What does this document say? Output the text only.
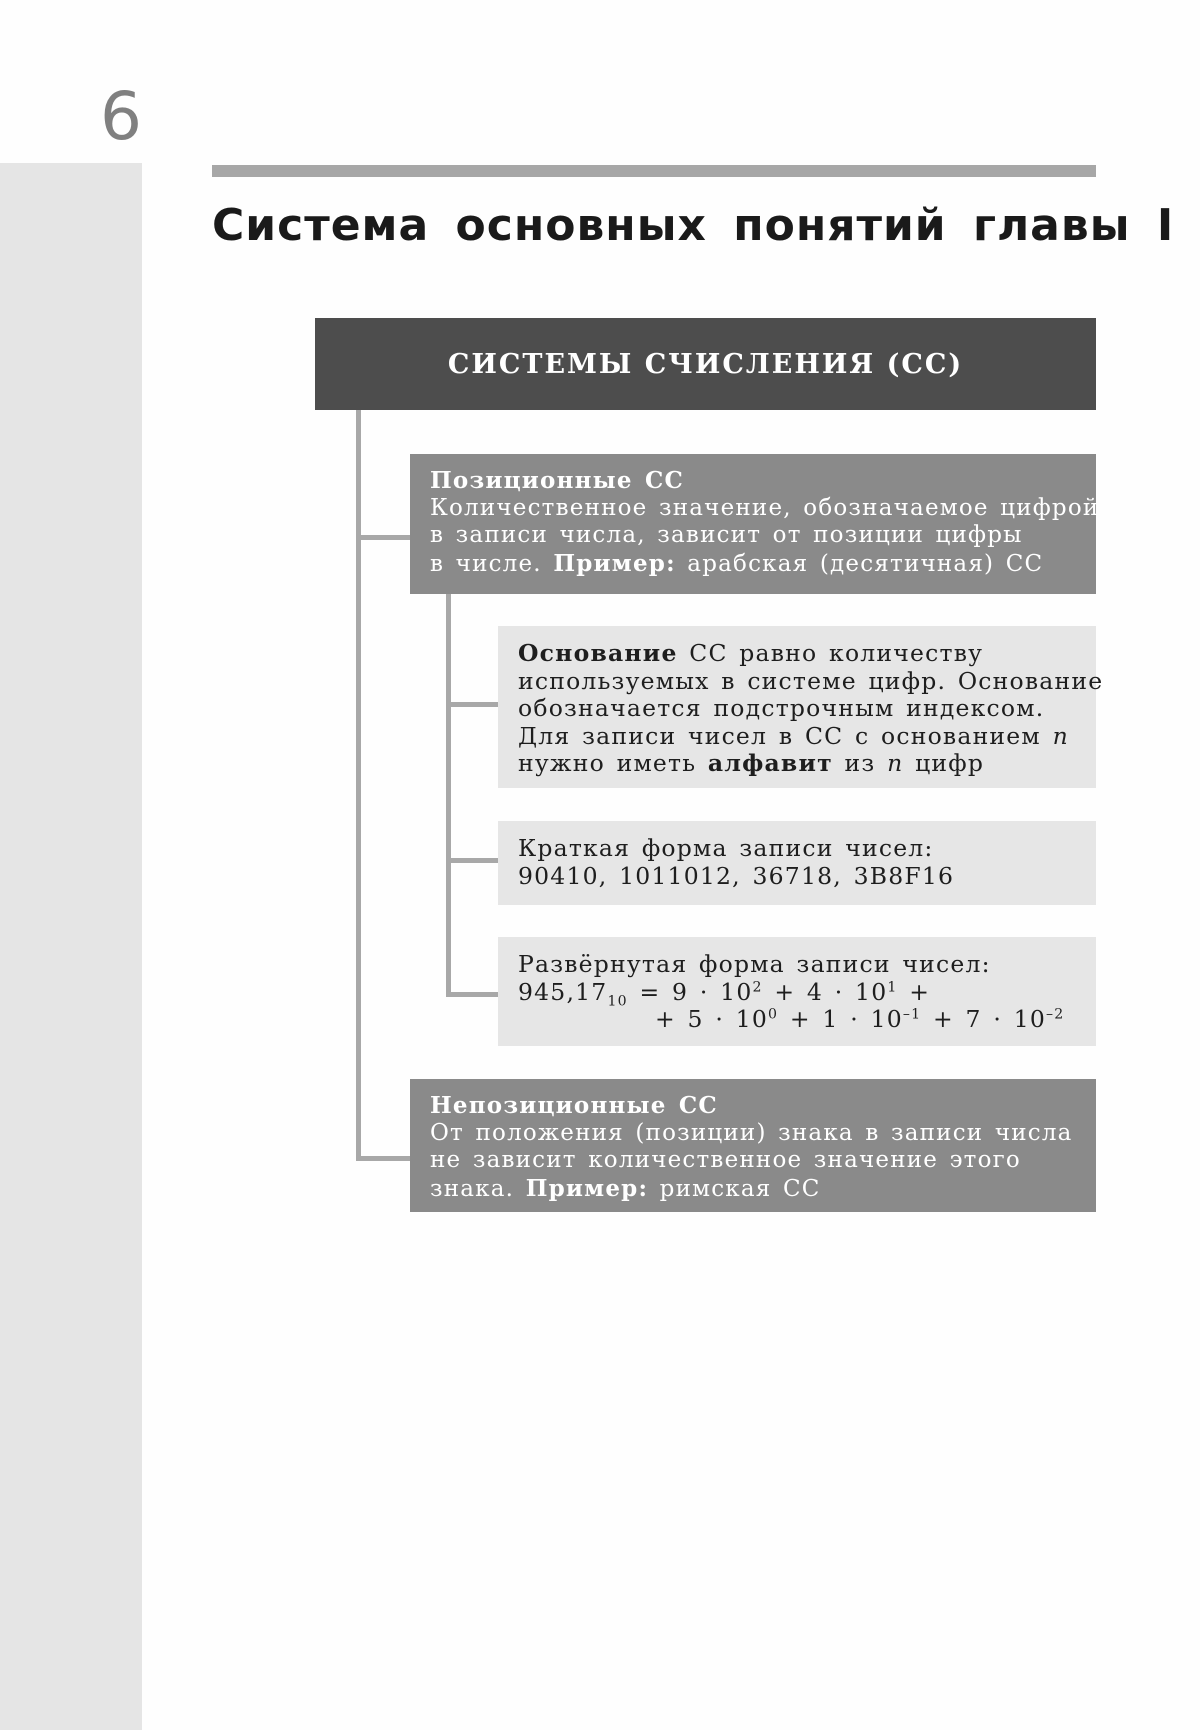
6
Система основных понятий главы I
СИСТЕМЫ СЧИСЛЕНИЯ (СС)
Позиционные СС
Количественное значение, обозначаемое цифрой
в записи числа, зависит от позиции цифры
в числе. Пример: арабская (десятичная) СС
Основание СС равно количеству
используемых в системе цифр. Основание
обозначается подстрочным индексом.
Для записи чисел в СС с основанием n
нужно иметь алфавит из n цифр
Краткая форма записи чисел:
90410, 1011012, 36718, 3B8F16
Развёрнутая форма записи чисел:
$945,17_{10} = 9 \cdot 10^2 + 4 \cdot 10^1$ +
+ $5 \cdot 10^0 + 1 \cdot 10^{-1} + 7 \cdot 10^{-2}$
Непозиционные СС
От положения (позиции) знака в записи числа
не зависит количественное значение этого
знака. Пример: римская СС
